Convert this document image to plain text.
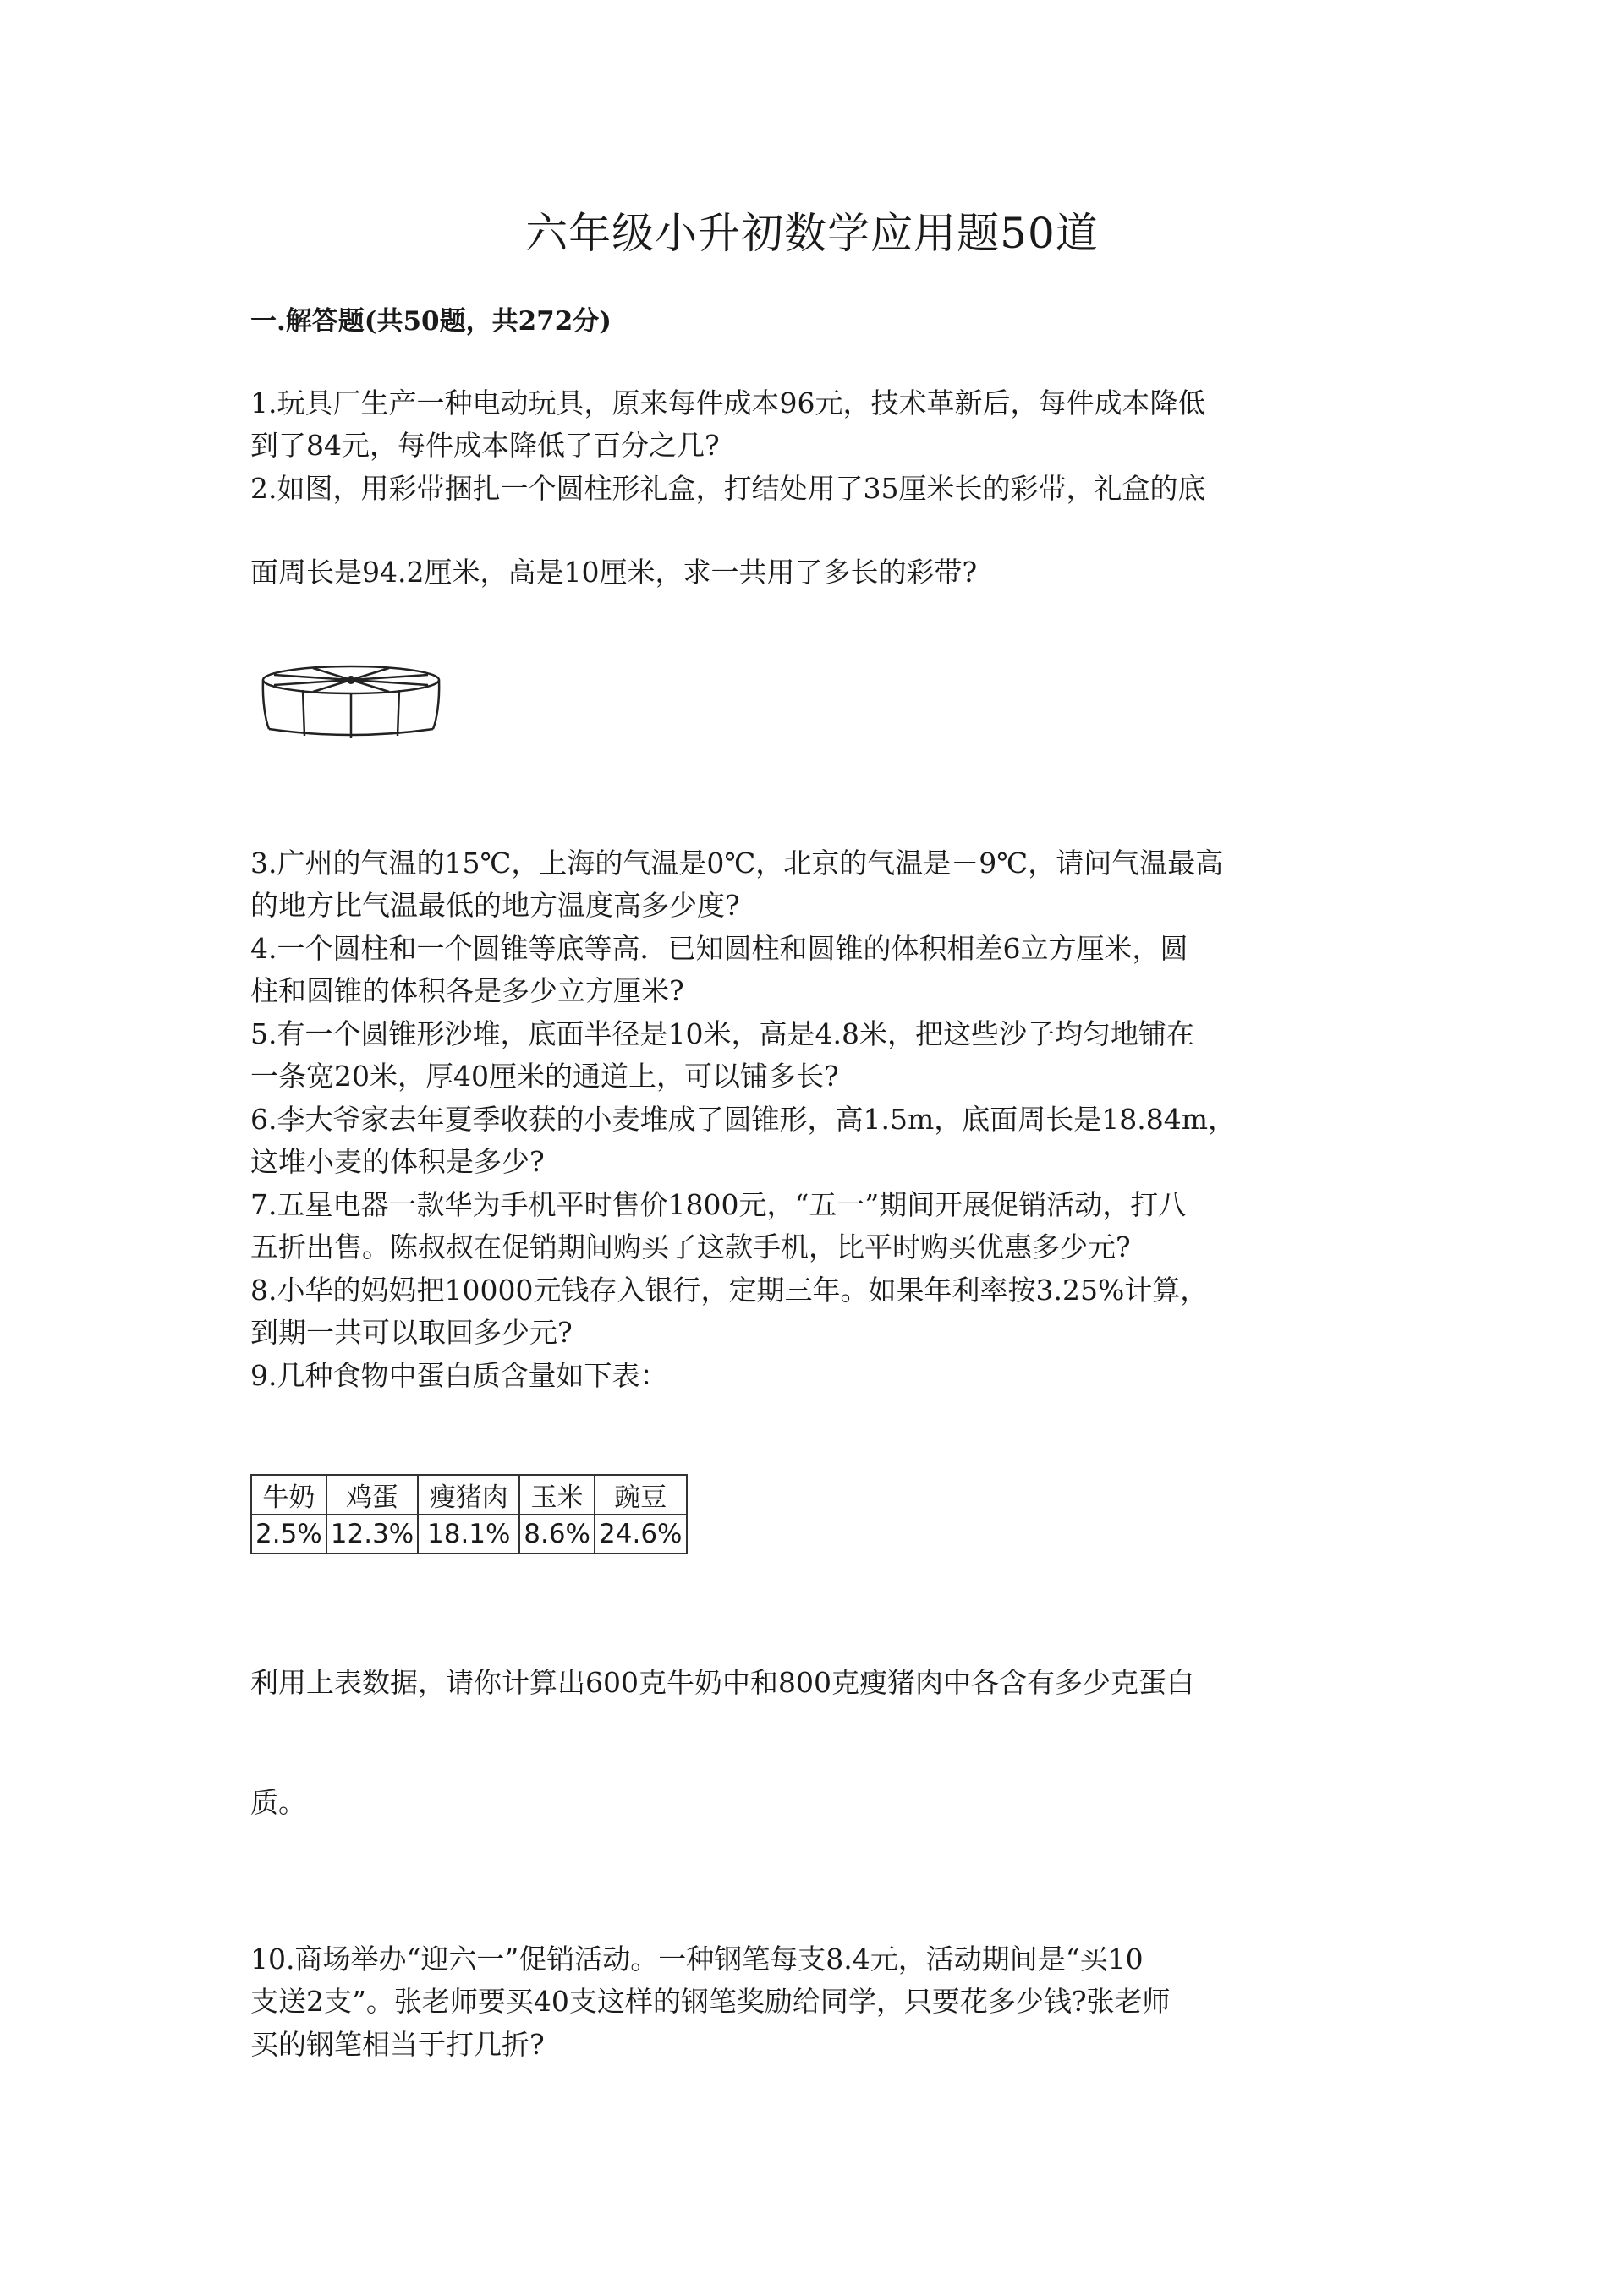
六年级小升初数学应用题50道
一.解答题(共50题，共272分)

1.玩具厂生产一种电动玩具，原来每件成本96元，技术革新后，每件成本降低

到了84元，每件成本降低了百分之几?

2.如图，用彩带捆扎一个圆柱形礼盒，打结处用了35厘米长的彩带，礼盒的底

面周长是94.2厘米，高是10厘米，求一共用了多长的彩带?

3.广州的气温的15℃，上海的气温是0℃，北京的气温是－9℃，请问气温最高

的地方比气温最低的地方温度高多少度?

4.一个圆柱和一个圆锥等底等高．已知圆柱和圆锥的体积相差6立方厘米，圆

柱和圆锥的体积各是多少立方厘米?

5.有一个圆锥形沙堆，底面半径是10米，高是4.8米，把这些沙子均匀地铺在

一条宽20米，厚40厘米的通道上，可以铺多长?

6.李大爷家去年夏季收获的小麦堆成了圆锥形，高1.5m，底面周长是18.84m，

这堆小麦的体积是多少?

7.五星电器一款华为手机平时售价1800元，“五一”期间开展促销活动，打八

五折出售。陈叔叔在促销期间购买了这款手机，比平时购买优惠多少元?

8.小华的妈妈把10000元钱存入银行，定期三年。如果年利率按3.25%计算，

到期一共可以取回多少元?

9.几种食物中蛋白质含量如下表：

牛奶	鸡蛋	瘦猪肉	玉米	豌豆
2.5%	12.3%	18.1%	8.6%	24.6%

利用上表数据，请你计算出600克牛奶中和800克瘦猪肉中各含有多少克蛋白

质。

10.商场举办“迎六一”促销活动。一种钢笔每支8.4元，活动期间是“买10

支送2支”。张老师要买40支这样的钢笔奖励给同学，只要花多少钱?张老师

买的钢笔相当于打几折?
